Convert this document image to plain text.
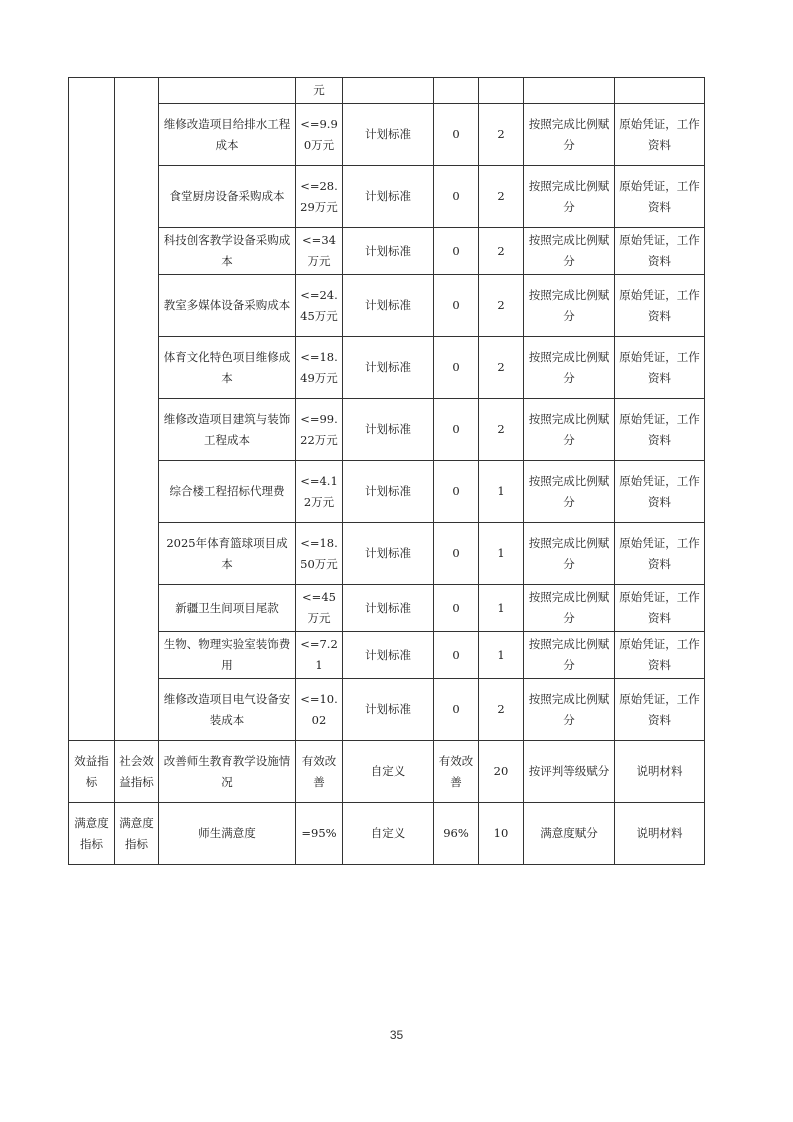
			元					
		维修改造项目给排水工程成本	<=9.90万元	计划标准	0	2	按照完成比例赋分	原始凭证，工作资料
		食堂厨房设备采购成本	<=28.29万元	计划标准	0	2	按照完成比例赋分	原始凭证，工作资料
		科技创客教学设备采购成本	<=34万元	计划标准	0	2	按照完成比例赋分	原始凭证，工作资料
		教室多媒体设备采购成本	<=24.45万元	计划标准	0	2	按照完成比例赋分	原始凭证，工作资料
		体育文化特色项目维修成本	<=18.49万元	计划标准	0	2	按照完成比例赋分	原始凭证，工作资料
		维修改造项目建筑与装饰工程成本	<=99.22万元	计划标准	0	2	按照完成比例赋分	原始凭证，工作资料
		综合楼工程招标代理费	<=4.12万元	计划标准	0	1	按照完成比例赋分	原始凭证，工作资料
		2025年体育篮球项目成本	<=18.50万元	计划标准	0	1	按照完成比例赋分	原始凭证，工作资料
		新疆卫生间项目尾款	<=45万元	计划标准	0	1	按照完成比例赋分	原始凭证，工作资料
		生物、物理实验室装饰费用	<=7.21	计划标准	0	1	按照完成比例赋分	原始凭证，工作资料
		维修改造项目电气设备安装成本	<=10.02	计划标准	0	2	按照完成比例赋分	原始凭证，工作资料
效益指标	社会效益指标	改善师生教育教学设施情况	有效改善	自定义	有效改善	20	按评判等级赋分	说明材料
满意度指标	满意度指标	师生满意度	=95%	自定义	96%	10	满意度赋分	说明材料
35
